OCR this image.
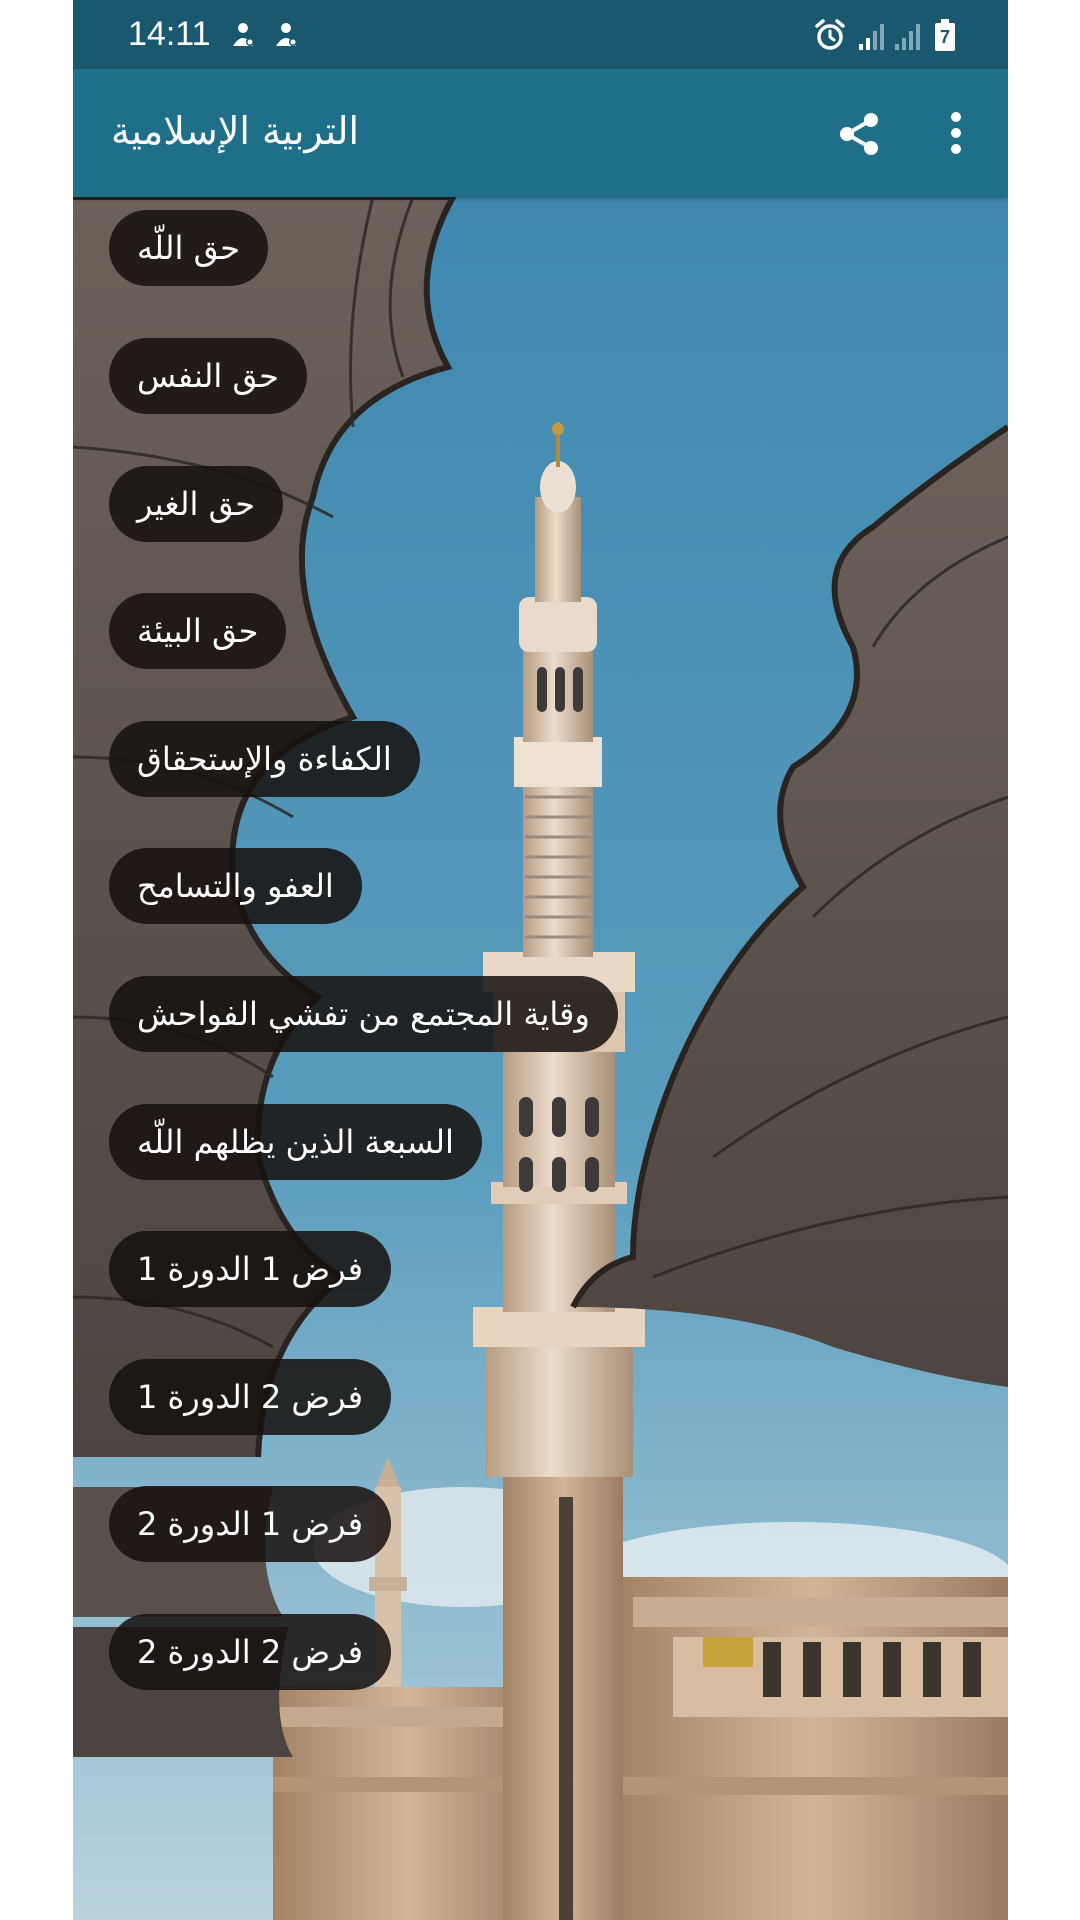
14:11	7
التربية الإسلامية
حق اللّه
حق النفس
حق الغير
حق البيئة
الكفاءة والإستحقاق
العفو والتسامح
وقاية المجتمع من تفشي الفواحش
السبعة الذين يظلهم اللّه
فرض 1 الدورة 1
فرض 2 الدورة 1
فرض 1 الدورة 2
فرض 2 الدورة 2
